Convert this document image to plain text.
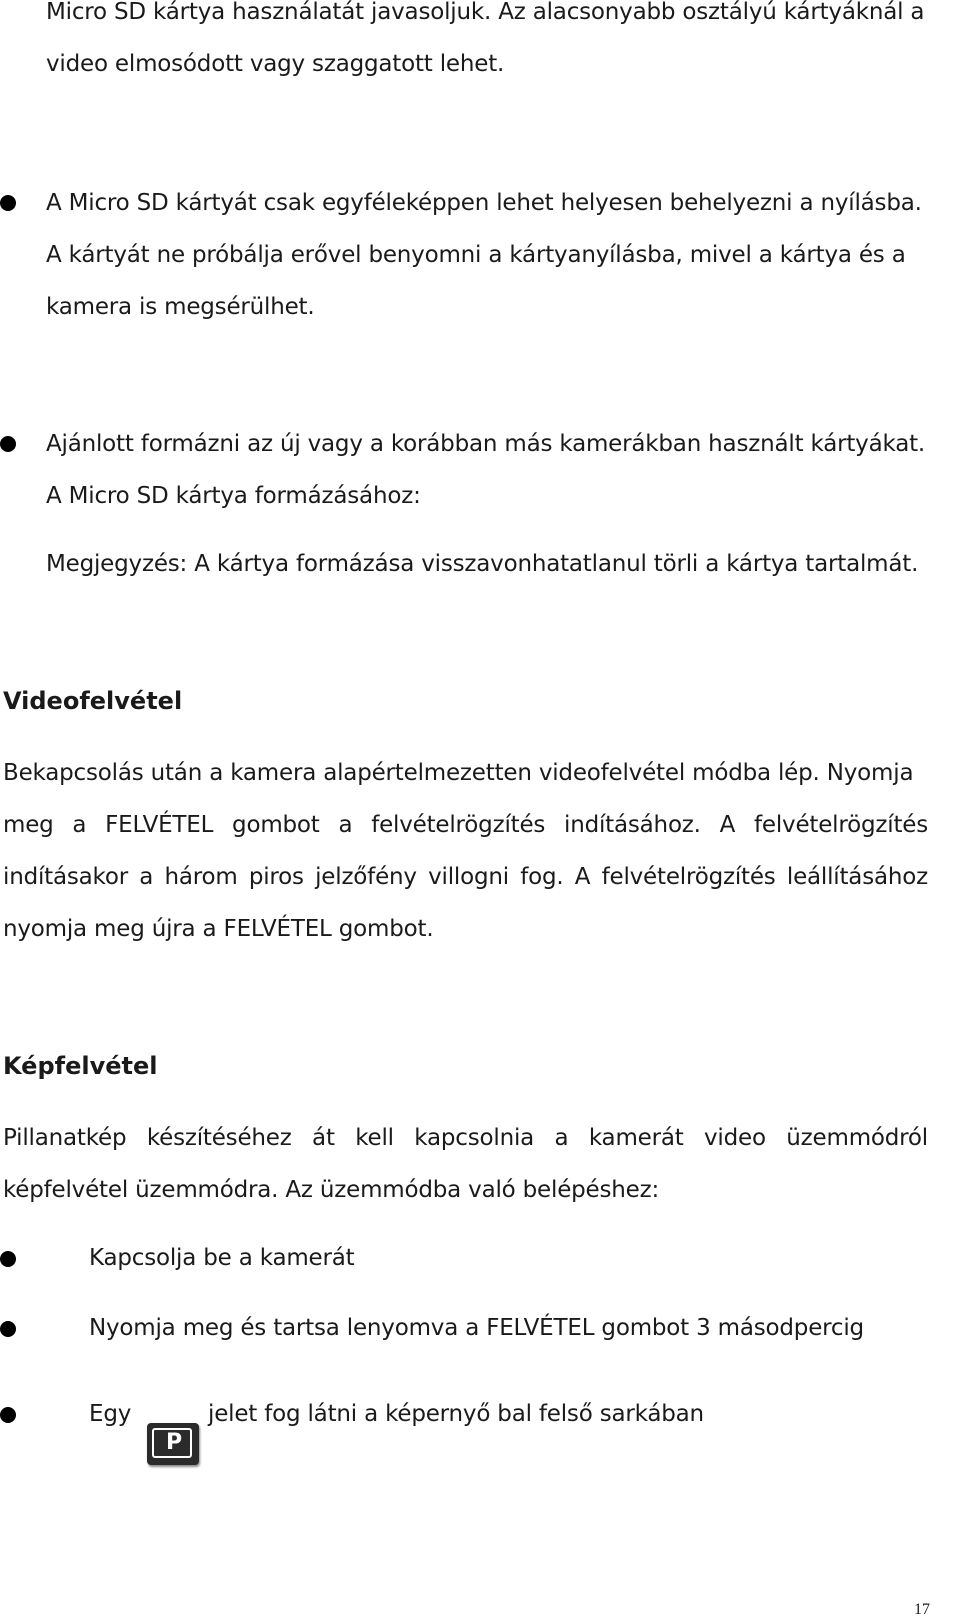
Micro SD kártya használatát javasoljuk. Az alacsonyabb osztályú kártyáknál a
video elmosódott vagy szaggatott lehet.
A Micro SD kártyát csak egyféleképpen lehet helyesen behelyezni a nyílásba.
A kártyát ne próbálja erővel benyomni a kártyanyílásba, mivel a kártya és a
kamera is megsérülhet.
Ajánlott formázni az új vagy a korábban más kamerákban használt kártyákat.
A Micro SD kártya formázásához:
Megjegyzés: A kártya formázása visszavonhatatlanul törli a kártya tartalmát.
Videofelvétel
Bekapcsolás után a kamera alapértelmezetten videofelvétel módba lép. Nyomja
meg a FELVÉTEL gombot a felvételrögzítés indításához. A felvételrögzítés
indításakor a három piros jelzőfény villogni fog. A felvételrögzítés leállításához
nyomja meg újra a FELVÉTEL gombot.
Képfelvétel
Pillanatkép készítéséhez át kell kapcsolnia a kamerát video üzemmódról
képfelvétel üzemmódra. Az üzemmódba való belépéshez:
Kapcsolja be a kamerát
Nyomja meg és tartsa lenyomva a FELVÉTEL gombot 3 másodpercig
Egy
P
jelet fog látni a képernyő bal felső sarkában
17
